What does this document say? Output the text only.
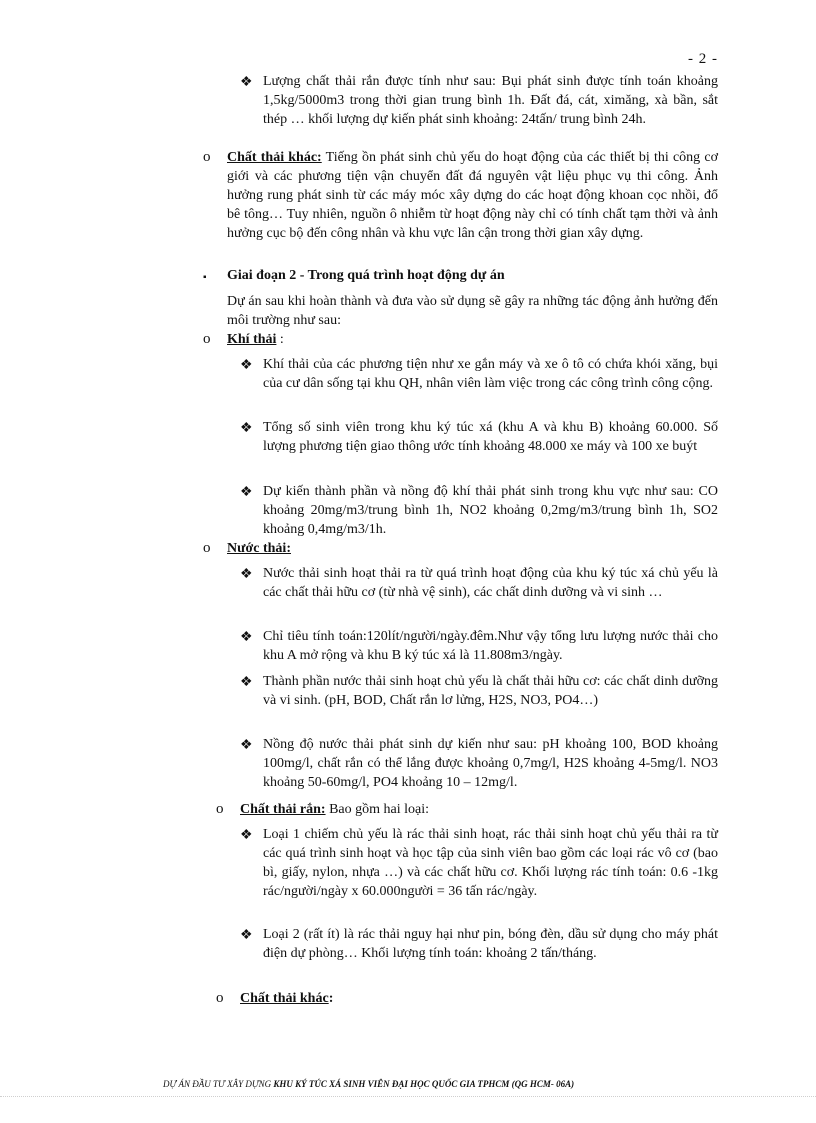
- 2 -
❖ Lượng chất thải rắn được tính như sau: Bụi phát sinh được tính toán khoảng 1,5kg/5000m3 trong thời gian trung bình 1h. Đất đá, cát, ximăng, xà bần, sắt thép … khối lượng dự kiến phát sinh khoảng: 24tấn/ trung bình 24h.
o Chất thải khác: Tiếng ồn phát sinh chủ yếu do hoạt động của các thiết bị thi công cơ giới và các phương tiện vận chuyển đất đá nguyên vật liệu phục vụ thi công. Ảnh hưởng rung phát sinh từ các máy móc xây dựng do các hoạt động khoan cọc nhồi, đổ bê tông… Tuy nhiên, nguồn ô nhiễm từ hoạt động này chỉ có tính chất tạm thời và ảnh hưởng cục bộ đến công nhân và khu vực lân cận trong thời gian xây dựng.
▪ Giai đoạn 2 - Trong quá trình hoạt động dự án
Dự án sau khi hoàn thành và đưa vào sử dụng sẽ gây ra những tác động ảnh hưởng đến môi trường như sau:
o Khí thải :
❖ Khí thải của các phương tiện như xe gắn máy và xe ô tô có chứa khói xăng, bụi của cư dân sống tại khu QH, nhân viên làm việc trong các công trình công cộng.
❖ Tổng số sinh viên trong khu ký túc xá (khu A và khu B) khoảng 60.000. Số lượng phương tiện giao thông ước tính khoảng 48.000 xe máy và 100 xe buýt
❖ Dự kiến thành phần và nồng độ khí thải phát sinh trong khu vực như sau: CO khoảng 20mg/m3/trung bình 1h, NO2 khoảng 0,2mg/m3/trung bình 1h, SO2 khoảng 0,4mg/m3/1h.
o Nước thải:
❖ Nước thải sinh hoạt thải ra từ quá trình hoạt động của khu ký túc xá chủ yếu là các chất thải hữu cơ (từ nhà vệ sinh), các chất dinh dưỡng và vi sinh …
❖ Chỉ tiêu tính toán:120lít/người/ngày.đêm.Như vậy tổng lưu lượng nước thải cho khu A mở rộng và khu B ký túc xá là 11.808m3/ngày.
❖ Thành phần nước thải sinh hoạt chủ yếu là chất thải hữu cơ: các chất dinh dưỡng và vi sinh. (pH, BOD, Chất rắn lơ lửng, H2S, NO3, PO4…)
❖ Nồng độ nước thải phát sinh dự kiến như sau: pH khoảng 100, BOD khoảng 100mg/l, chất rắn có thể lắng được khoảng 0,7mg/l, H2S khoảng 4-5mg/l. NO3 khoảng 50-60mg/l, PO4 khoảng 10 – 12mg/l.
o Chất thải rắn: Bao gồm hai loại:
❖ Loại 1 chiếm chủ yếu là rác thải sinh hoạt, rác thải sinh hoạt chủ yếu thải ra từ các quá trình sinh hoạt và học tập của sinh viên bao gồm các loại rác vô cơ (bao bì, giấy, nylon, nhựa …) và các chất hữu cơ. Khối lượng rác tính toán: 0.6 -1kg rác/người/ngày x 60.000người = 36 tấn rác/ngày.
❖ Loại 2 (rất ít) là rác thải nguy hại như pin, bóng đèn, dầu sử dụng cho máy phát điện dự phòng… Khối lượng tính toán: khoảng 2 tấn/tháng.
o Chất thải khác:
DỰ ÁN ĐẦU TƯ XÂY DỰNG KHU KÝ TÚC XÁ SINH VIÊN ĐẠI HỌC QUỐC GIA TPHCM (QG HCM- 06A)
